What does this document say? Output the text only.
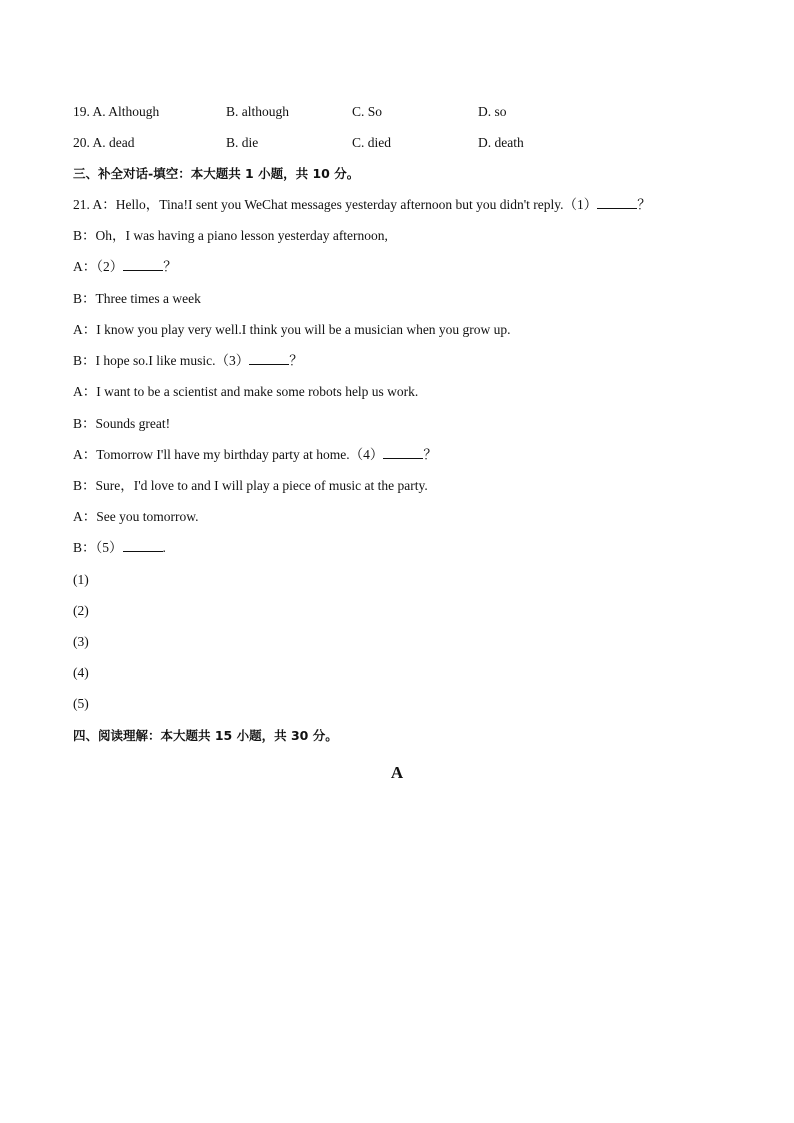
19. A. Although	B. although	C. So	D. so
20. A. dead	B. die	C. died	D. death
三、补全对话-填空：本大题共 1 小题，共 10 分。
21. A：Hello，Tina!I sent you WeChat messages yesterday afternoon but you didn't reply.（1）	？
B：Oh，I was having a piano lesson yesterday afternoon,
A：（2）	？
B：Three times a week
A：I know you play very well.I think you will be a musician when you grow up.
B：I hope so.I like music.（3）	？
A：I want to be a scientist and make some robots help us work.
B：Sounds great!
A：Tomorrow I'll have my birthday party at home.（4）	？
B：Sure，I'd love to and I will play a piece of music at the party.
A：See you tomorrow.
B：（5）	.
(1)
(2)
(3)
(4)
(5)
四、阅读理解：本大题共 15 小题，共 30 分。
A
